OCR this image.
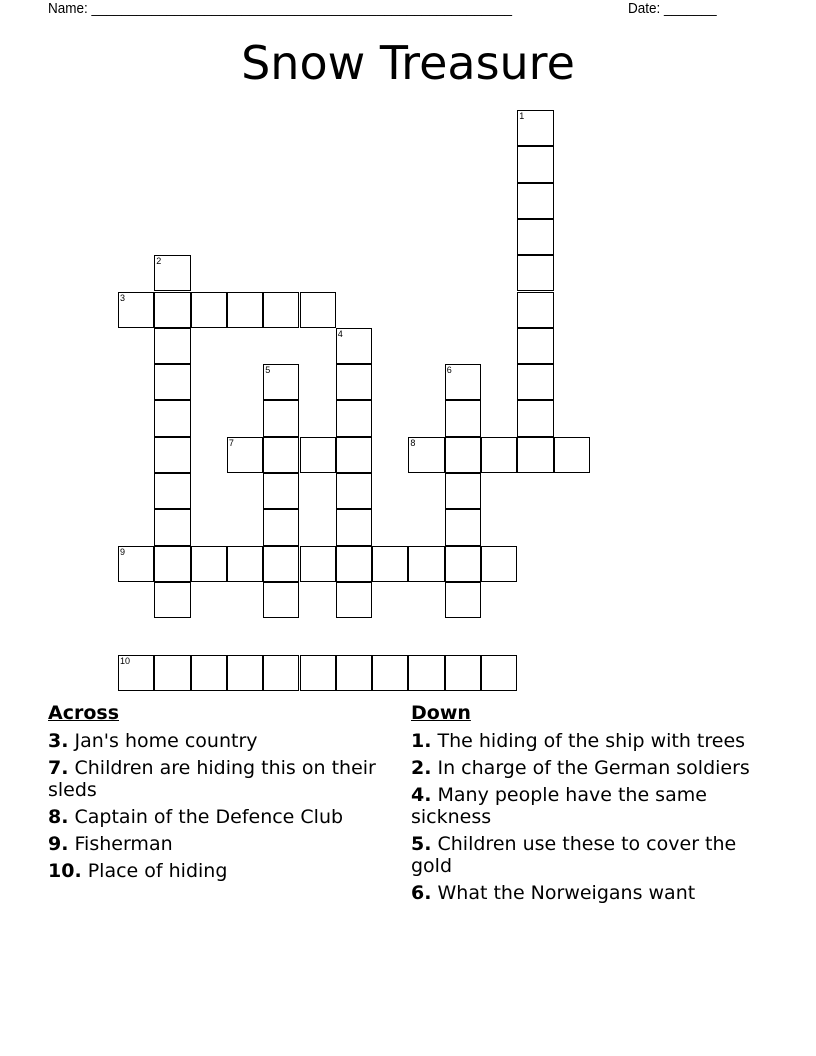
Name: ________________________________________________________	Date: _______
Snow Treasure
1
2
3
4
5	6
7	8
9
10
Across
3. Jan's home country
7. Children are hiding this on their sleds
8. Captain of the Defence Club
9. Fisherman
10. Place of hiding
Down
1. The hiding of the ship with trees
2. In charge of the German soldiers
4. Many people have the same sickness
5. Children use these to cover the gold
6. What the Norweigans want
